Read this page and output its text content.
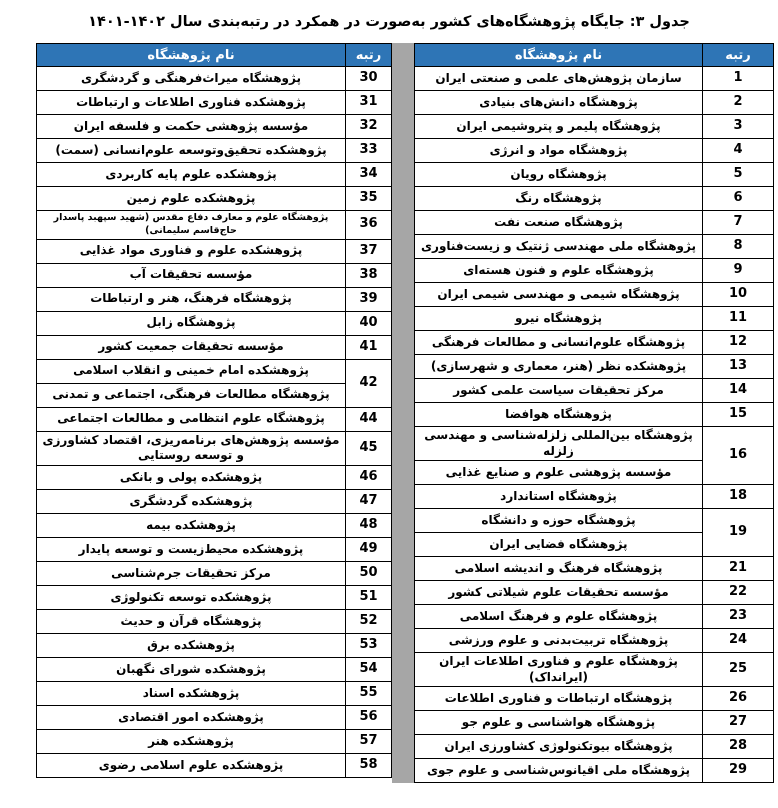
جدول ۳: جایگاه پژوهشگاه‌های کشور به‌صورت در همکرد در رتبه‌بندی سال ۱۴۰۲-۱۴۰۱
رتبه	نام پژوهشگاه
30	پژوهشگاه میراث‌فرهنگی و گردشگری
31	پژوهشکده فناوری اطلاعات و ارتباطات
32	مؤسسه پژوهشی حکمت و فلسفه ایران
33	پژوهشکده تحقیق‌وتوسعه علوم‌انسانی (سمت)
34	پژوهشکده علوم پایه کاربردی
35	پژوهشکده علوم زمین
36	پژوهشگاه علوم و معارف دفاع مقدس (شهید سپهبد پاسدار حاج‌قاسم سلیمانی)
37	پژوهشکده علوم و فناوری مواد غذایی
38	مؤسسه تحقیقات آب
39	پژوهشگاه فرهنگ، هنر و ارتباطات
40	پژوهشگاه زابل
41	مؤسسه تحقیقات جمعیت کشور
42	پژوهشکده امام خمینی و انقلاب اسلامی
	پژوهشگاه مطالعات فرهنگی، اجتماعی و تمدنی
44	پژوهشگاه علوم انتظامی و مطالعات اجتماعی
45	مؤسسه پژوهش‌های برنامه‌ریزی، اقتصاد کشاورزی و توسعه روستایی
46	پژوهشکده پولی و بانکی
47	پژوهشکده گردشگری
48	پژوهشکده بیمه
49	پژوهشکده محیط‌زیست و توسعه پایدار
50	مرکز تحقیقات جرم‌شناسی
51	پژوهشکده توسعه تکنولوژی
52	پژوهشگاه قرآن و حدیث
53	پژوهشکده برق
54	پژوهشکده شورای نگهبان
55	پژوهشکده اسناد
56	پژوهشکده امور اقتصادی
57	پژوهشکده هنر
58	پژوهشکده علوم اسلامی رضوی
رتبه	نام پژوهشگاه
1	سازمان پژوهش‌های علمی و صنعتی ایران
2	پژوهشگاه دانش‌های بنیادی
3	پژوهشگاه پلیمر و پتروشیمی ایران
4	پژوهشگاه مواد و انرژی
5	پژوهشگاه رویان
6	پژوهشگاه رنگ
7	پژوهشگاه صنعت نفت
8	پژوهشگاه ملی مهندسی ژنتیک و زیست‌فناوری
9	پژوهشگاه علوم و فنون هسته‌ای
10	پژوهشگاه شیمی و مهندسی شیمی ایران
11	پژوهشگاه نیرو
12	پژوهشگاه علوم‌انسانی و مطالعات فرهنگی
13	پژوهشکده نظر (هنر، معماری و شهرسازی)
14	مرکز تحقیقات سیاست علمی کشور
15	پژوهشگاه هوافضا
16	پژوهشگاه بین‌المللی زلزله‌شناسی و مهندسی زلزله
	مؤسسه پژوهشی علوم و صنایع غذایی
18	پژوهشگاه استاندارد
19	پژوهشگاه حوزه و دانشگاه
	پژوهشگاه فضایی ایران
21	پژوهشگاه فرهنگ و اندیشه اسلامی
22	مؤسسه تحقیقات علوم شیلاتی کشور
23	پژوهشگاه علوم و فرهنگ اسلامی
24	پژوهشگاه تربیت‌بدنی و علوم ورزشی
25	پژوهشگاه علوم و فناوری اطلاعات ایران (ایرانداک)
26	پژوهشگاه ارتباطات و فناوری اطلاعات
27	پژوهشگاه هواشناسی و علوم جو
28	پژوهشگاه بیوتکنولوژی کشاورزی ایران
29	پژوهشگاه ملی اقیانوس‌شناسی و علوم جوی
